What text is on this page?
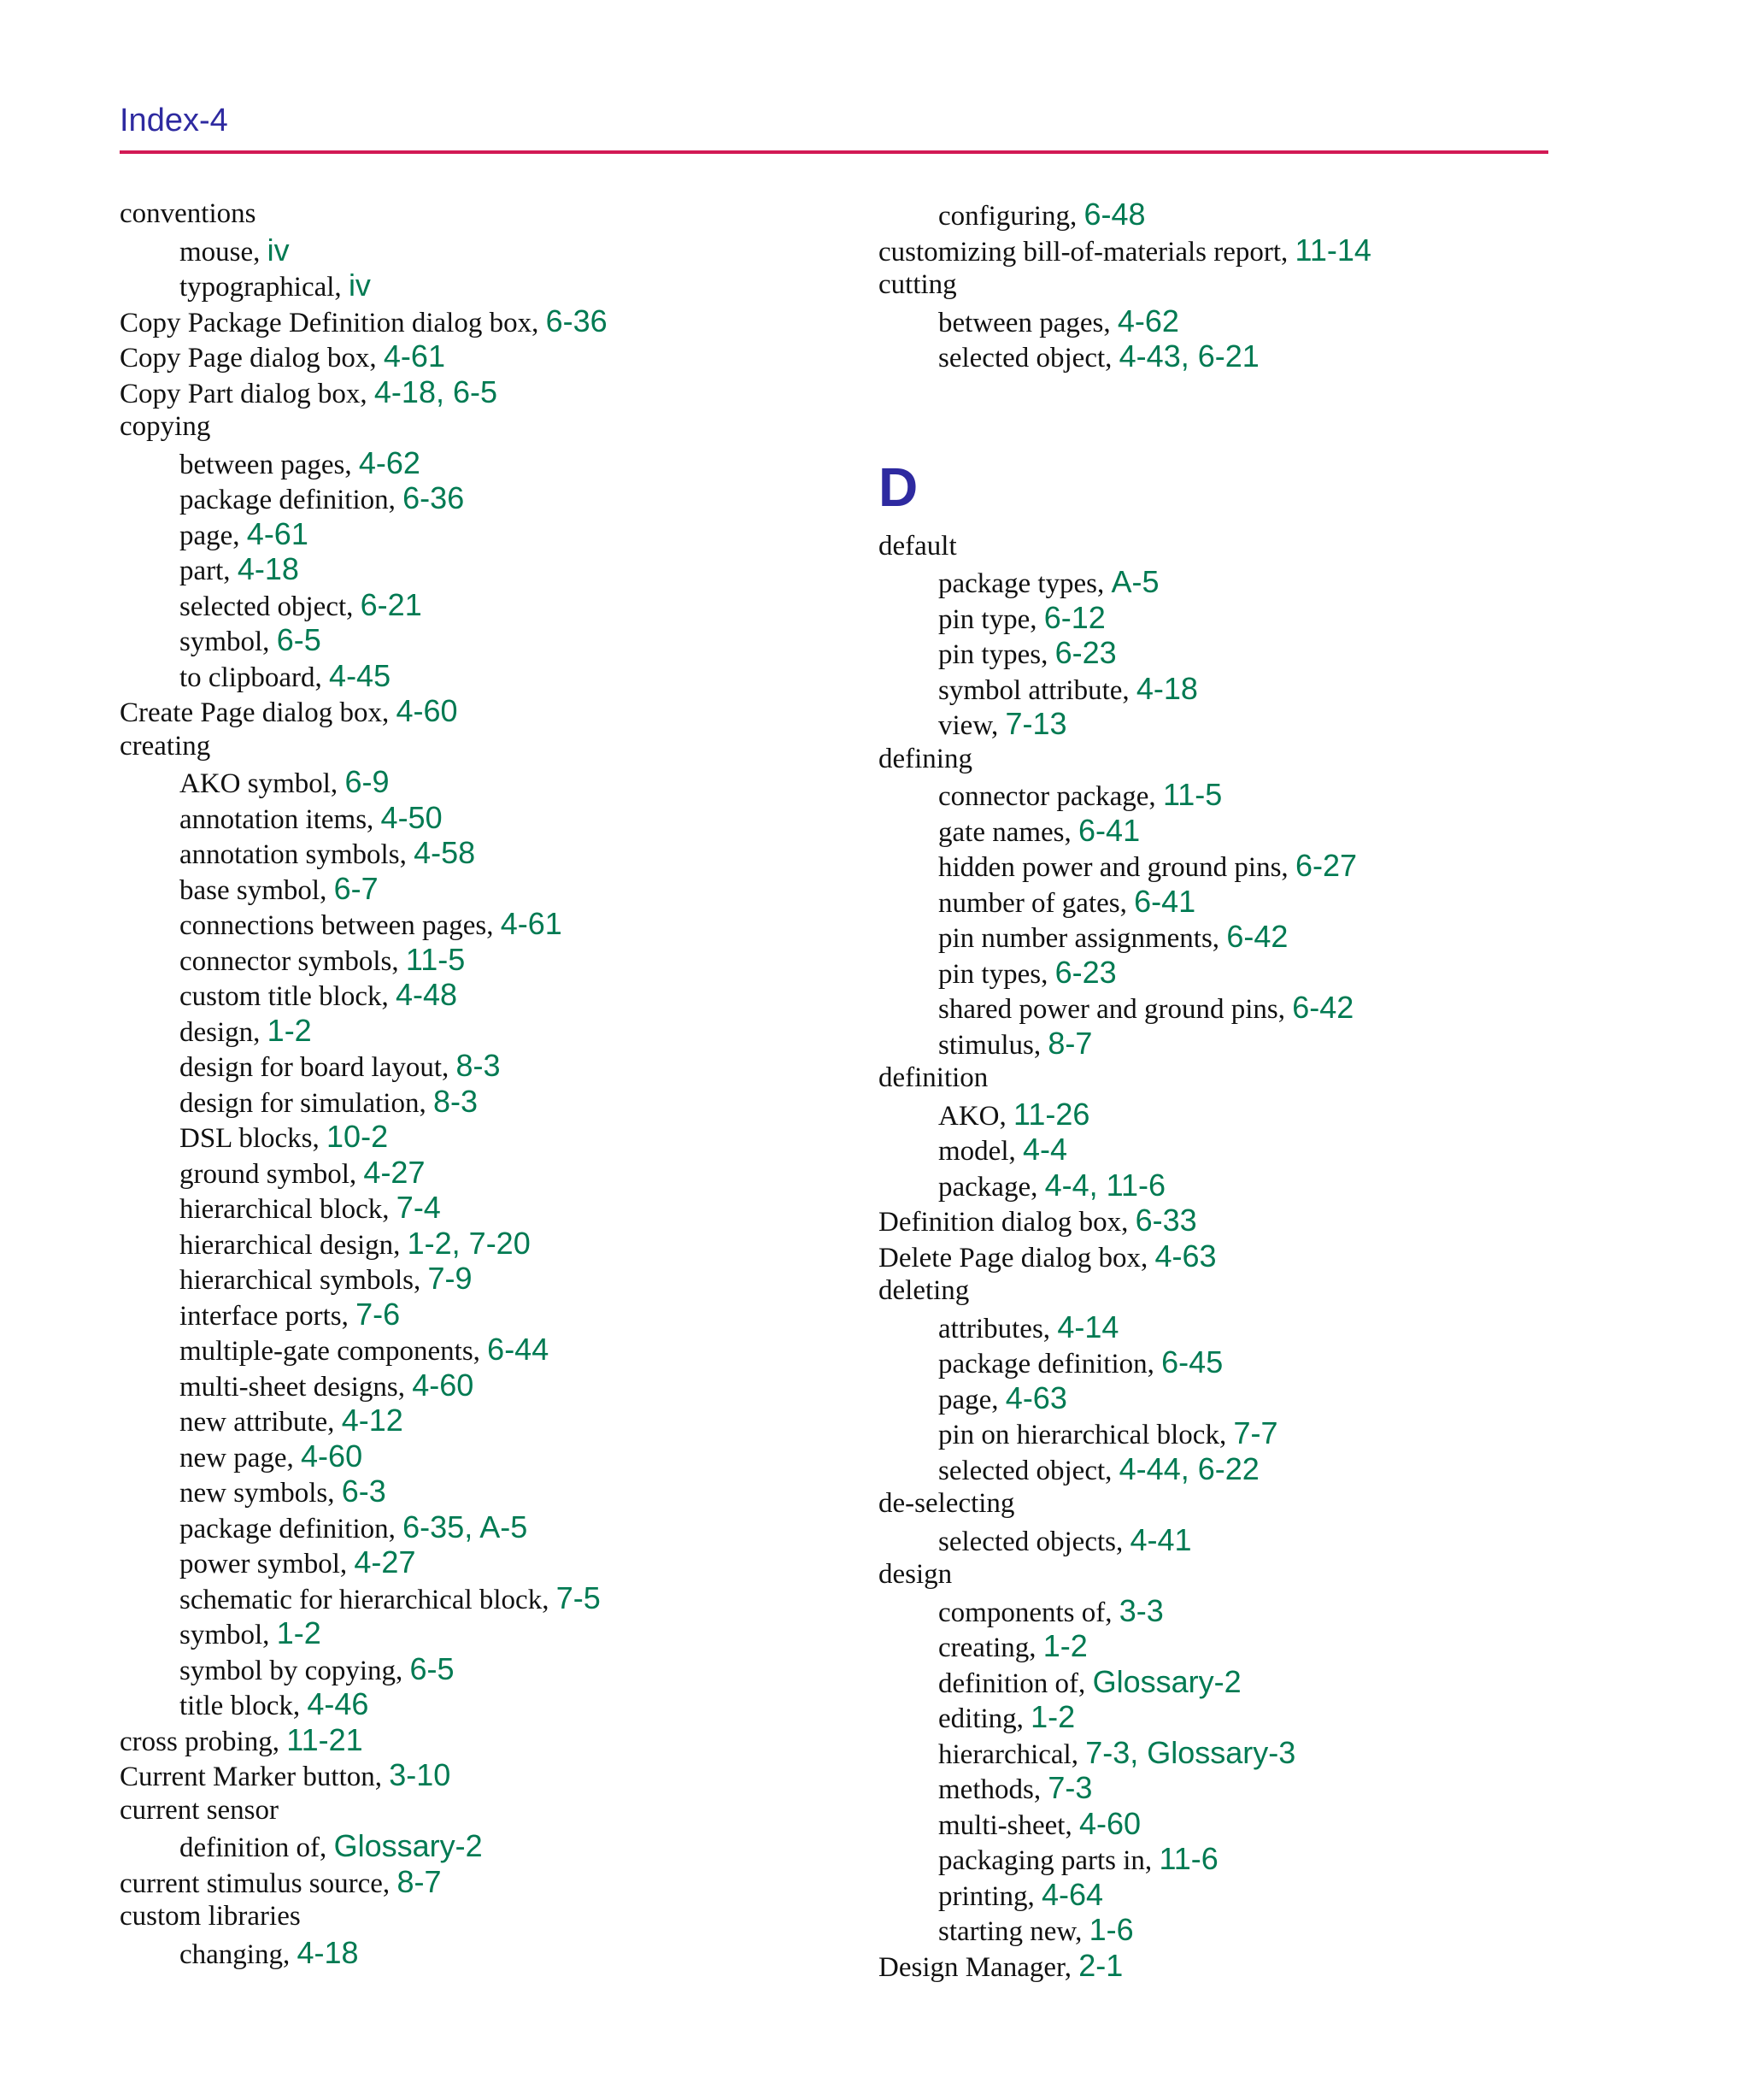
Index-4
conventions
mouse, iv
typographical, iv
Copy Package Definition dialog box, 6-36
Copy Page dialog box, 4-61
Copy Part dialog box, 4-18, 6-5
copying
between pages, 4-62
package definition, 6-36
page, 4-61
part, 4-18
selected object, 6-21
symbol, 6-5
to clipboard, 4-45
Create Page dialog box, 4-60
creating
AKO symbol, 6-9
annotation items, 4-50
annotation symbols, 4-58
base symbol, 6-7
connections between pages, 4-61
connector symbols, 11-5
custom title block, 4-48
design, 1-2
design for board layout, 8-3
design for simulation, 8-3
DSL blocks, 10-2
ground symbol, 4-27
hierarchical block, 7-4
hierarchical design, 1-2, 7-20
hierarchical symbols, 7-9
interface ports, 7-6
multiple-gate components, 6-44
multi-sheet designs, 4-60
new attribute, 4-12
new page, 4-60
new symbols, 6-3
package definition, 6-35, A-5
power symbol, 4-27
schematic for hierarchical block, 7-5
symbol, 1-2
symbol by copying, 6-5
title block, 4-46
cross probing, 11-21
Current Marker button, 3-10
current sensor
definition of, Glossary-2
current stimulus source, 8-7
custom libraries
changing, 4-18
configuring, 6-48
customizing bill-of-materials report, 11-14
cutting
between pages, 4-62
selected object, 4-43, 6-21
D
default
package types, A-5
pin type, 6-12
pin types, 6-23
symbol attribute, 4-18
view, 7-13
defining
connector package, 11-5
gate names, 6-41
hidden power and ground pins, 6-27
number of gates, 6-41
pin number assignments, 6-42
pin types, 6-23
shared power and ground pins, 6-42
stimulus, 8-7
definition
AKO, 11-26
model, 4-4
package, 4-4, 11-6
Definition dialog box, 6-33
Delete Page dialog box, 4-63
deleting
attributes, 4-14
package definition, 6-45
page, 4-63
pin on hierarchical block, 7-7
selected object, 4-44, 6-22
de-selecting
selected objects, 4-41
design
components of, 3-3
creating, 1-2
definition of, Glossary-2
editing, 1-2
hierarchical, 7-3, Glossary-3
methods, 7-3
multi-sheet, 4-60
packaging parts in, 11-6
printing, 4-64
starting new, 1-6
Design Manager, 2-1
